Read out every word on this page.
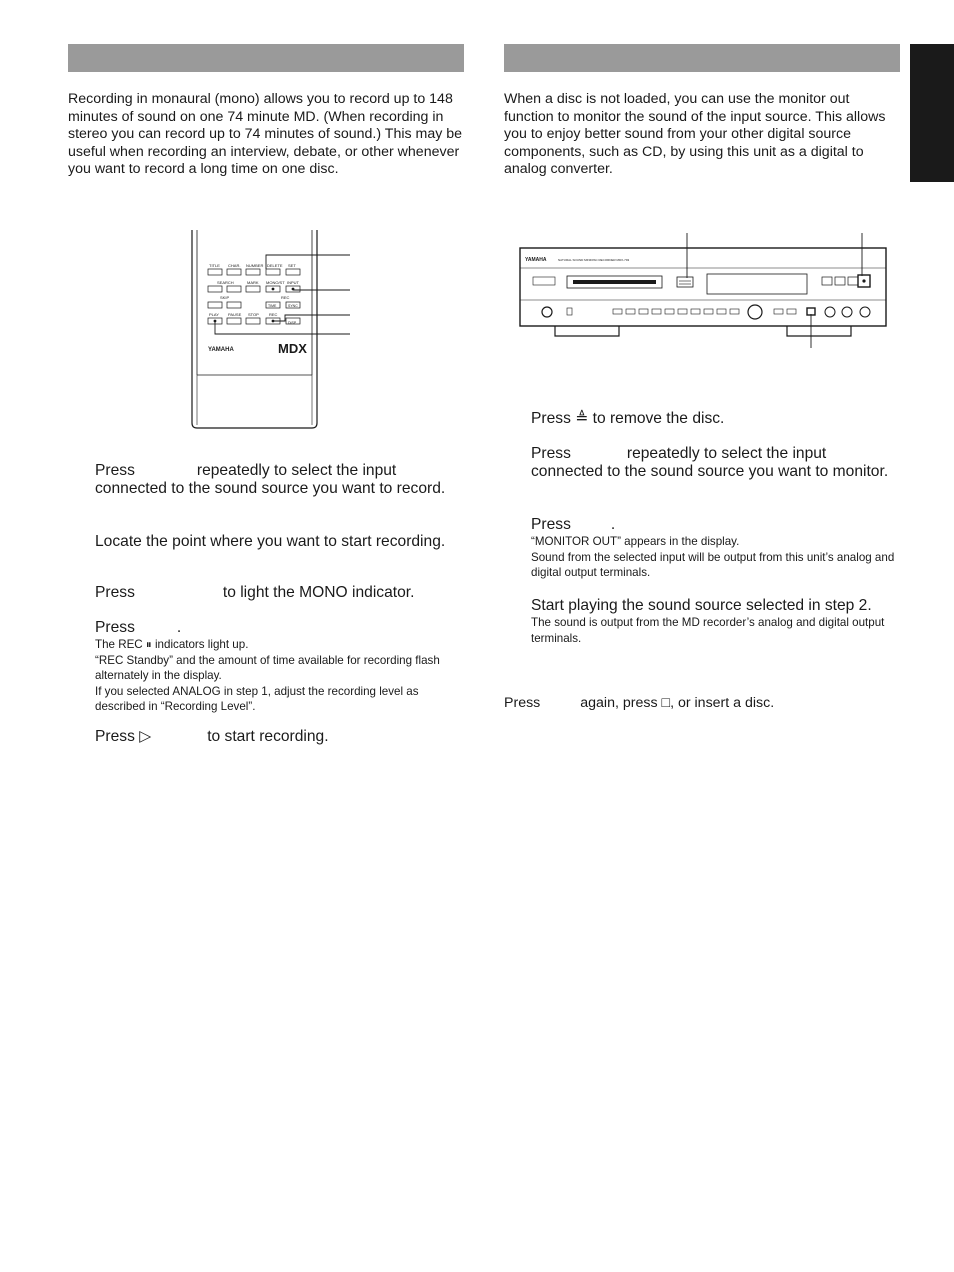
Recording in monaural (mono) allows you to record up to 148 minutes of sound on one 74 minute MD. (When recording in stereo you can record up to 74 minutes of sound.) This may be useful when recording an interview, debate, or other whenever you want to record a long time on one disc.
TITLE CHAR. NUMBER DELETE SET
SEARCH	MARK MONO/ST INPUT
SKIP	REC
TIME	SYNC
PLAY PAUSE STOP	REC
DISP
YAMAHA	MDX
Press	repeatedly to select the input connected to the sound source you want to record.
Locate the point where you want to start recording.
Press	to light the MONO indicator.
Press	.
The REC ⏸ indicators light up.
“REC Standby” and the amount of time available for recording flash alternately in the display.
If you selected ANALOG in step 1, adjust the recording level as described in “Recording Level”.
Press ▷	to start recording.
When a disc is not loaded, you can use the monitor out function to monitor the sound of the input source. This allows you to enjoy better sound from your other digital source components, such as CD, by using this unit as a digital to analog converter.
YAMAHA	NATURAL SOUND MINIDISC RECORDER MDX-793
Press ≜ to remove the disc.
Press	repeatedly to select the input connected to the sound source you want to monitor.
Press	.
“MONITOR OUT” appears in the display.
Sound from the selected input will be output from this unit’s analog and digital output terminals.
Start playing the sound source selected in step 2.
The sound is output from the MD recorder’s analog and digital output terminals.
Press	again, press □, or insert a disc.
